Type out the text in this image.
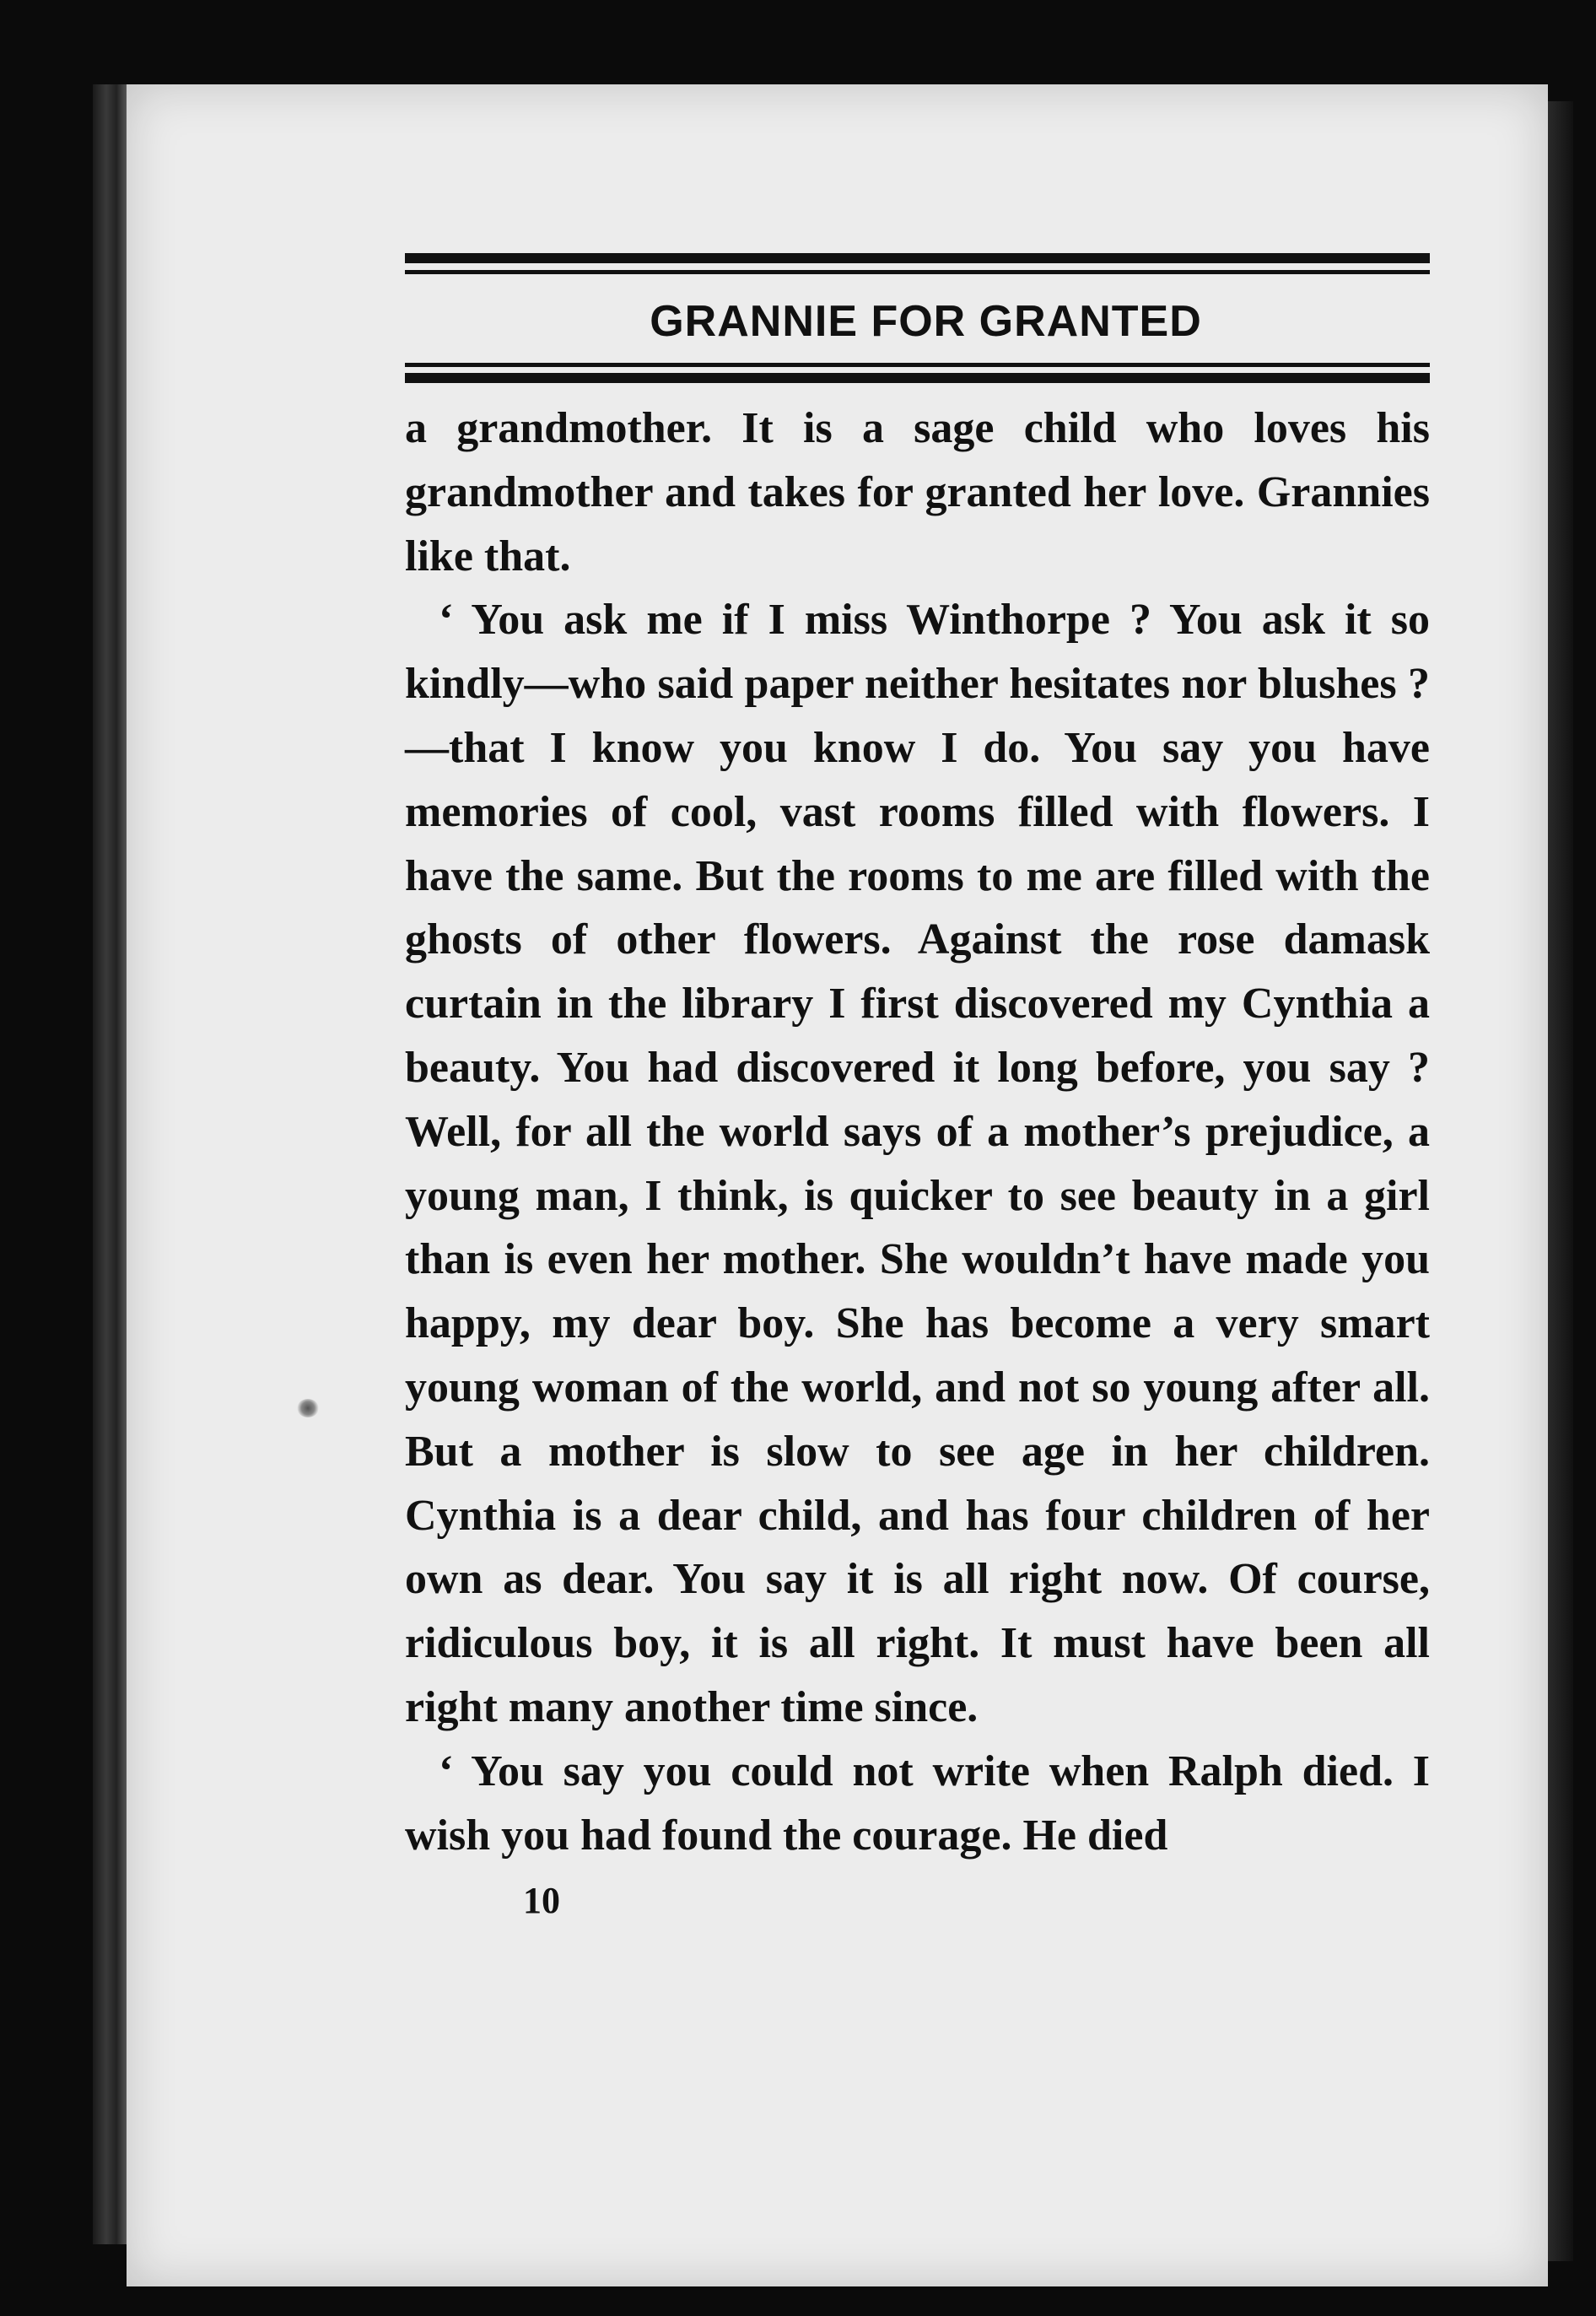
GRANNIE FOR GRANTED

a grandmother. It is a sage child who loves his grandmother and takes for granted her love. Grannies like that.

‘ You ask me if I miss Winthorpe ? You ask it so kindly—who said paper neither hesitates nor blushes ?—that I know you know I do. You say you have memories of cool, vast rooms filled with flowers. I have the same. But the rooms to me are filled with the ghosts of other flowers. Against the rose damask curtain in the library I first discovered my Cynthia a beauty. You had discovered it long before, you say ? Well, for all the world says of a mother’s prejudice, a young man, I think, is quicker to see beauty in a girl than is even her mother. She wouldn’t have made you happy, my dear boy. She has become a very smart young woman of the world, and not so young after all. But a mother is slow to see age in her children. Cynthia is a dear child, and has four children of her own as dear. You say it is all right now. Of course, ridiculous boy, it is all right. It must have been all right many another time since.

‘ You say you could not write when Ralph died. I wish you had found the courage. He died

10
